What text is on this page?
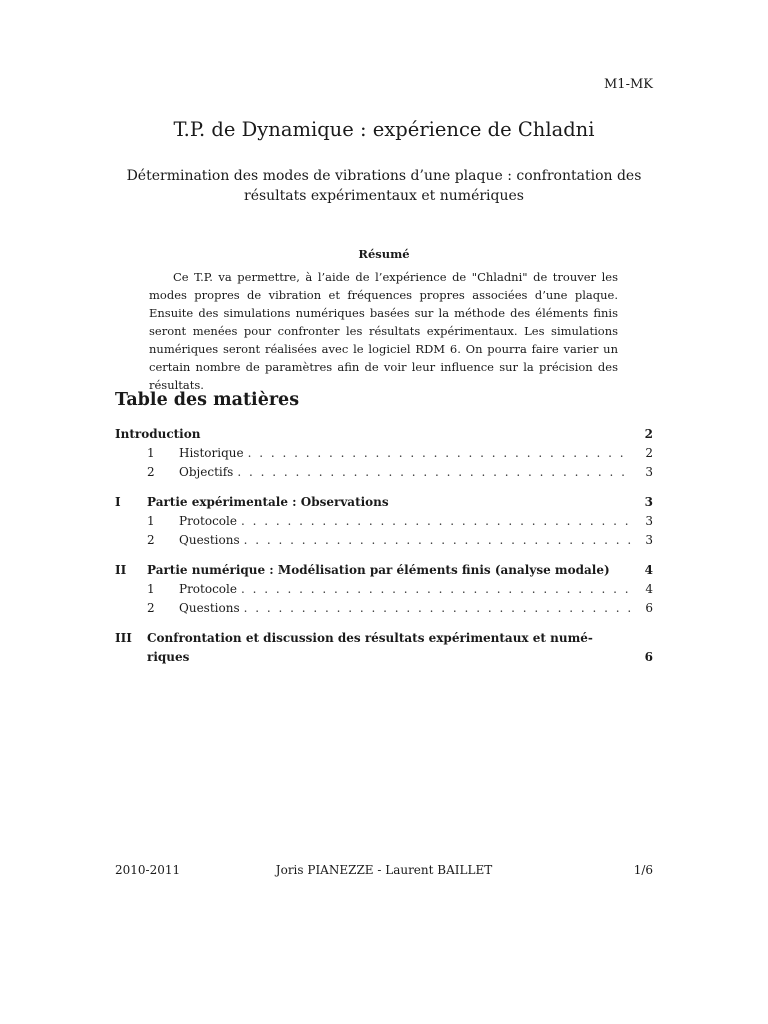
M1-MK
T.P. de Dynamique : expérience de Chladni
Détermination des modes de vibrations d’une plaque : confrontation des résultats expérimentaux et numériques
Résumé
Ce T.P. va permettre, à l’aide de l’expérience de "Chladni" de trouver les modes propres de vibration et fréquences propres associées d’une plaque. Ensuite des simulations numériques basées sur la méthode des éléments finis seront menées pour confronter les résultats expérimentaux. Les simulations numériques seront réalisées avec le logiciel RDM 6. On pourra faire varier un certain nombre de paramètres afin de voir leur influence sur la précision des résultats.
Table des matières
Introduction	2
1	Historique . . .	2
2	Objectifs . . .	3
I	Partie expérimentale : Observations	3
1	Protocole . . .	3
2	Questions . . .	3
II	Partie numérique : Modélisation par éléments finis (analyse modale)	4
1	Protocole . . .	4
2	Questions . . .	6
III	Confrontation et discussion des résultats expérimentaux et numé-
riques	6
2010-2011	Joris PIANEZZE - Laurent BAILLET	1/6
